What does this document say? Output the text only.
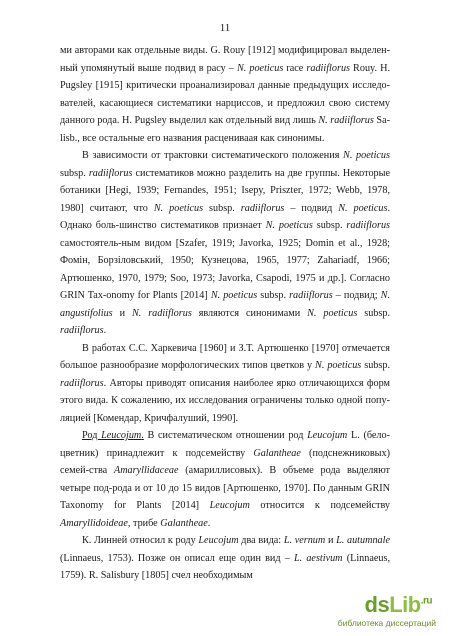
11

ми авторами как отдельные виды. G. Rouy [1912] модифицировал выделен-ный упомянутый выше подвид в расу – N. poeticus race radiiflorus Rouy. H. Pugsley [1915] критически проанализировал данные предыдущих исследо-вателей, касающиеся систематики нарциссов, и предложил свою систему данного рода. H. Pugsley выделил как отдельный вид лишь N. radiiflorus Sa-lisb., все остальные его названия расцениваая как синонимы.

В зависимости от трактовки систематического положения N. poeticus subsp. radiiflorus систематиков можно разделить на две группы. Некоторые ботаники [Hegi, 1939; Fernandes, 1951; Isepy, Priszter, 1972; Webb, 1978, 1980] считают, что N. poeticus subsp. radiiflorus – подвид N. poeticus. Однако боль-шинство систематиков признает N. poeticus subsp. radiiflorus самостоятель-ным видом [Szafer, 1919; Javorka, 1925; Domin et al., 1928; Фомін, Борзіловський, 1950; Кузнецова, 1965, 1977; Zahariadf, 1966; Артюшенко, 1970, 1979; Soo, 1973; Javorka, Csapodi, 1975 и др.]. Согласно GRIN Tax-onomy for Plants [2014] N. poeticus subsp. radiiflorus – подвид; N. angustifolius и N. radiiflorus являются синонимами N. poeticus subsp. radiiflorus.

В работах С.С. Харкевича [1960] и З.Т. Артюшенко [1970] отмечается большое разнообразие морфологических типов цветков у N. poeticus subsp. radiiflorus. Авторы приводят описания наиболее ярко отличающихся форм этого вида. К сожалению, их исследования ограничены только одной попу-ляцией [Комендар, Кричфалуший, 1990].

Род Leucojum. В систематическом отношении род Leucojum L. (бело-цветник) принадлежит к подсемейству Galantheae (подснежниковых) семей-ства Amaryllidaceae (амариллисовых). В объеме рода выделяют четыре под-рода и от 10 до 15 видов [Артюшенко, 1970]. По данным GRIN Taxonomy for Plants [2014] Leucojum относится к подсемейству Amaryllidoideae, трибе Galantheae.

К. Линней относил к роду Leucojum два вида: L. vernum и L. autumnale (Linnaeus, 1753). Позже он описал еще один вид – L. aestivum (Linnaeus, 1759). R. Salisbury [1805] счел необходимым

dsLib$^{.ru}$
библиотека диссертаций
